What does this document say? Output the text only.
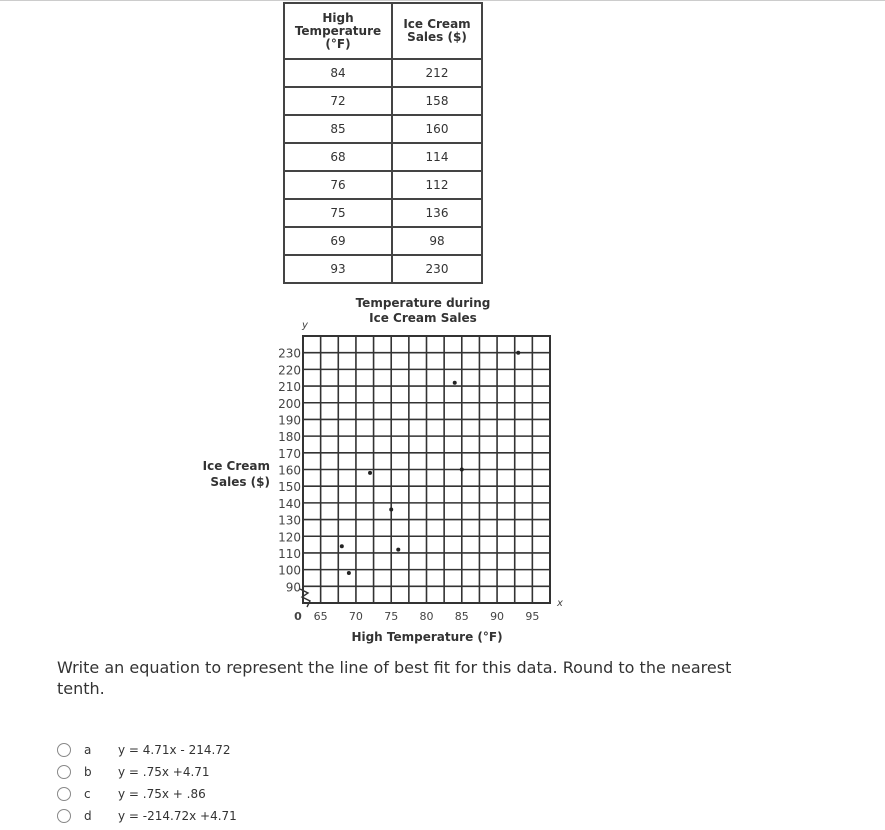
High Temperature (°F)	Ice Cream Sales ($)
84	212
72	158
85	160
68	114
76	112
75	136
69	98
93	230
90
100
110
120
130
140
150
160
170
180
190
200
210
220
230
65 70 75 80 85 90 95
0
Temperature during
Ice Cream Sales
Ice Cream
Sales ($)
High Temperature (°F)
y
x
Write an equation to represent the line of best fit for this data. Round to the nearest tenth.
a	y = 4.71x - 214.72
b	y = .75x +4.71
c	y = .75x + .86
d	y = -214.72x +4.71
